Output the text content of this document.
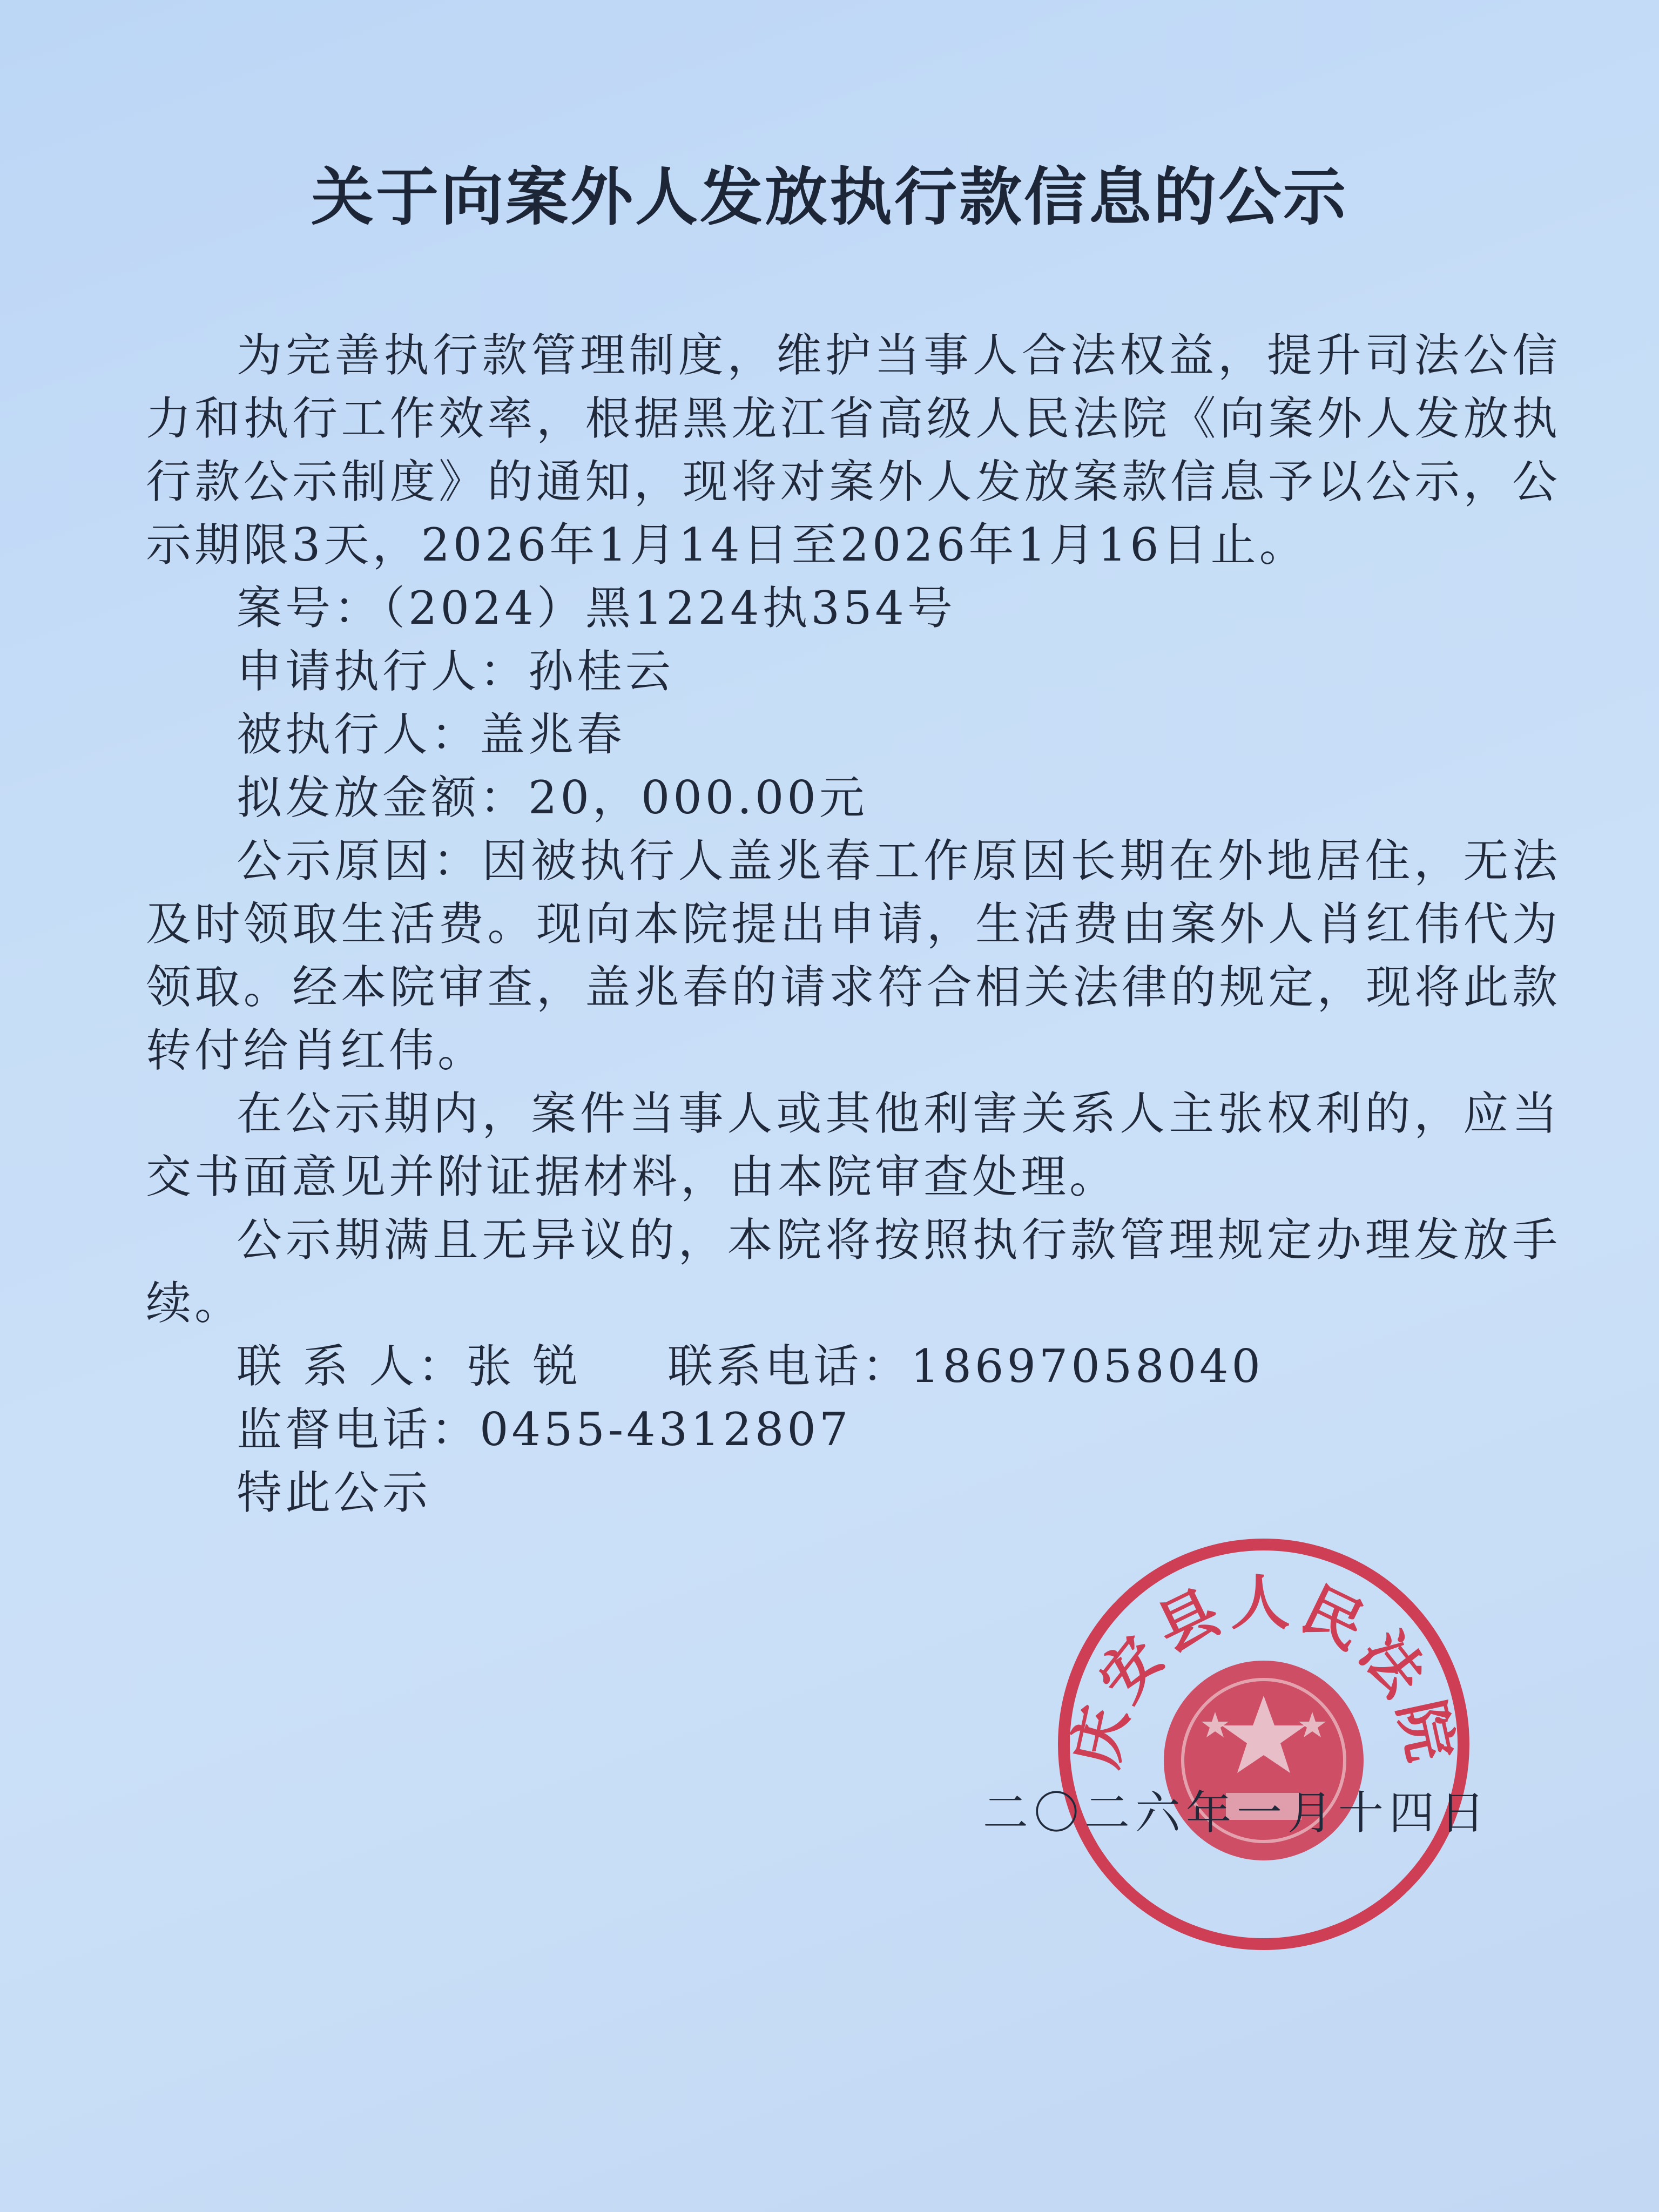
关于向案外人发放执行款信息的公示

为完善执行款管理制度，维护当事人合法权益，提升司法公信力和执行工作效率，根据黑龙江省高级人民法院《向案外人发放执行款公示制度》的通知，现将对案外人发放案款信息予以公示，公示期限3天，2026年1月14日至2026年1月16日止。

案号：（2024）黑1224执354号

申请执行人：孙桂云

被执行人：盖兆春

拟发放金额：20，000.00元

公示原因：因被执行人盖兆春工作原因长期在外地居住，无法及时领取生活费。现向本院提出申请，生活费由案外人肖红伟代为领取。经本院审查，盖兆春的请求符合相关法律的规定，现将此款转付给肖红伟。

在公示期内，案件当事人或其他利害关系人主张权利的，应当交书面意见并附证据材料，由本院审查处理。

公示期满且无异议的，本院将按照执行款管理规定办理发放手续。

联 系 人：张 锐 联系电话：18697058040

监督电话：0455-4312807

特此公示

庆安县人民法院
二〇二六年一月十四日
